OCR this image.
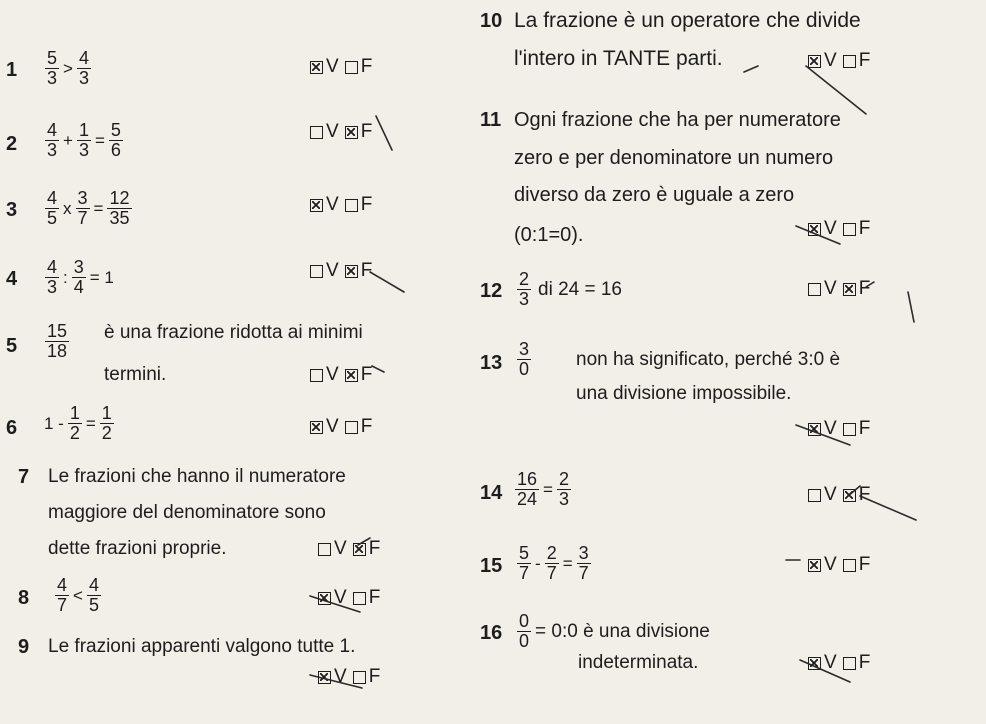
$1 \frac{5}{3} > \frac{4}{3}$	V F
$2 \frac{4}{3} + \frac{1}{3} = \frac{5}{6}$	V F
$3 \frac{4}{5}$ x $\frac{3}{7} = \frac{12}{35}$	V F
$4 \frac{4}{3}$ : $\frac{3}{4} = 1$	V F
$5 \frac{15}{18}$ è una frazione ridotta ai minimi
termini.	V F
6 $1 - \frac{1}{2} = \frac{1}{2}$	V F
7 Le frazioni che hanno il numeratore
maggiore del denominatore sono
dette frazioni proprie.	V F
$8 \frac{4}{7} < \frac{4}{5}$	V F
9 Le frazioni apparenti valgono tutte 1.
V F
10 La frazione è un operatore che divide
l'intero in TANTE parti.	V F
11 Ogni frazione che ha per numeratore
zero e per denominatore un numero
diverso da zero è uguale a zero
(0:1=0).	V F
$12 \frac{2}{3}$ di 24 = 16	V F
$13 \frac{3}{0}$ non ha significato, perché 3:0 è
una divisione impossibile.
V F
$14 \frac{16}{24} = \frac{2}{3}$	V F
$15 \frac{5}{7} - \frac{2}{7} = \frac{3}{7}$	V F
$16 \frac{0}{0}$ = 0:0 è una divisione
indeterminata.	V F
